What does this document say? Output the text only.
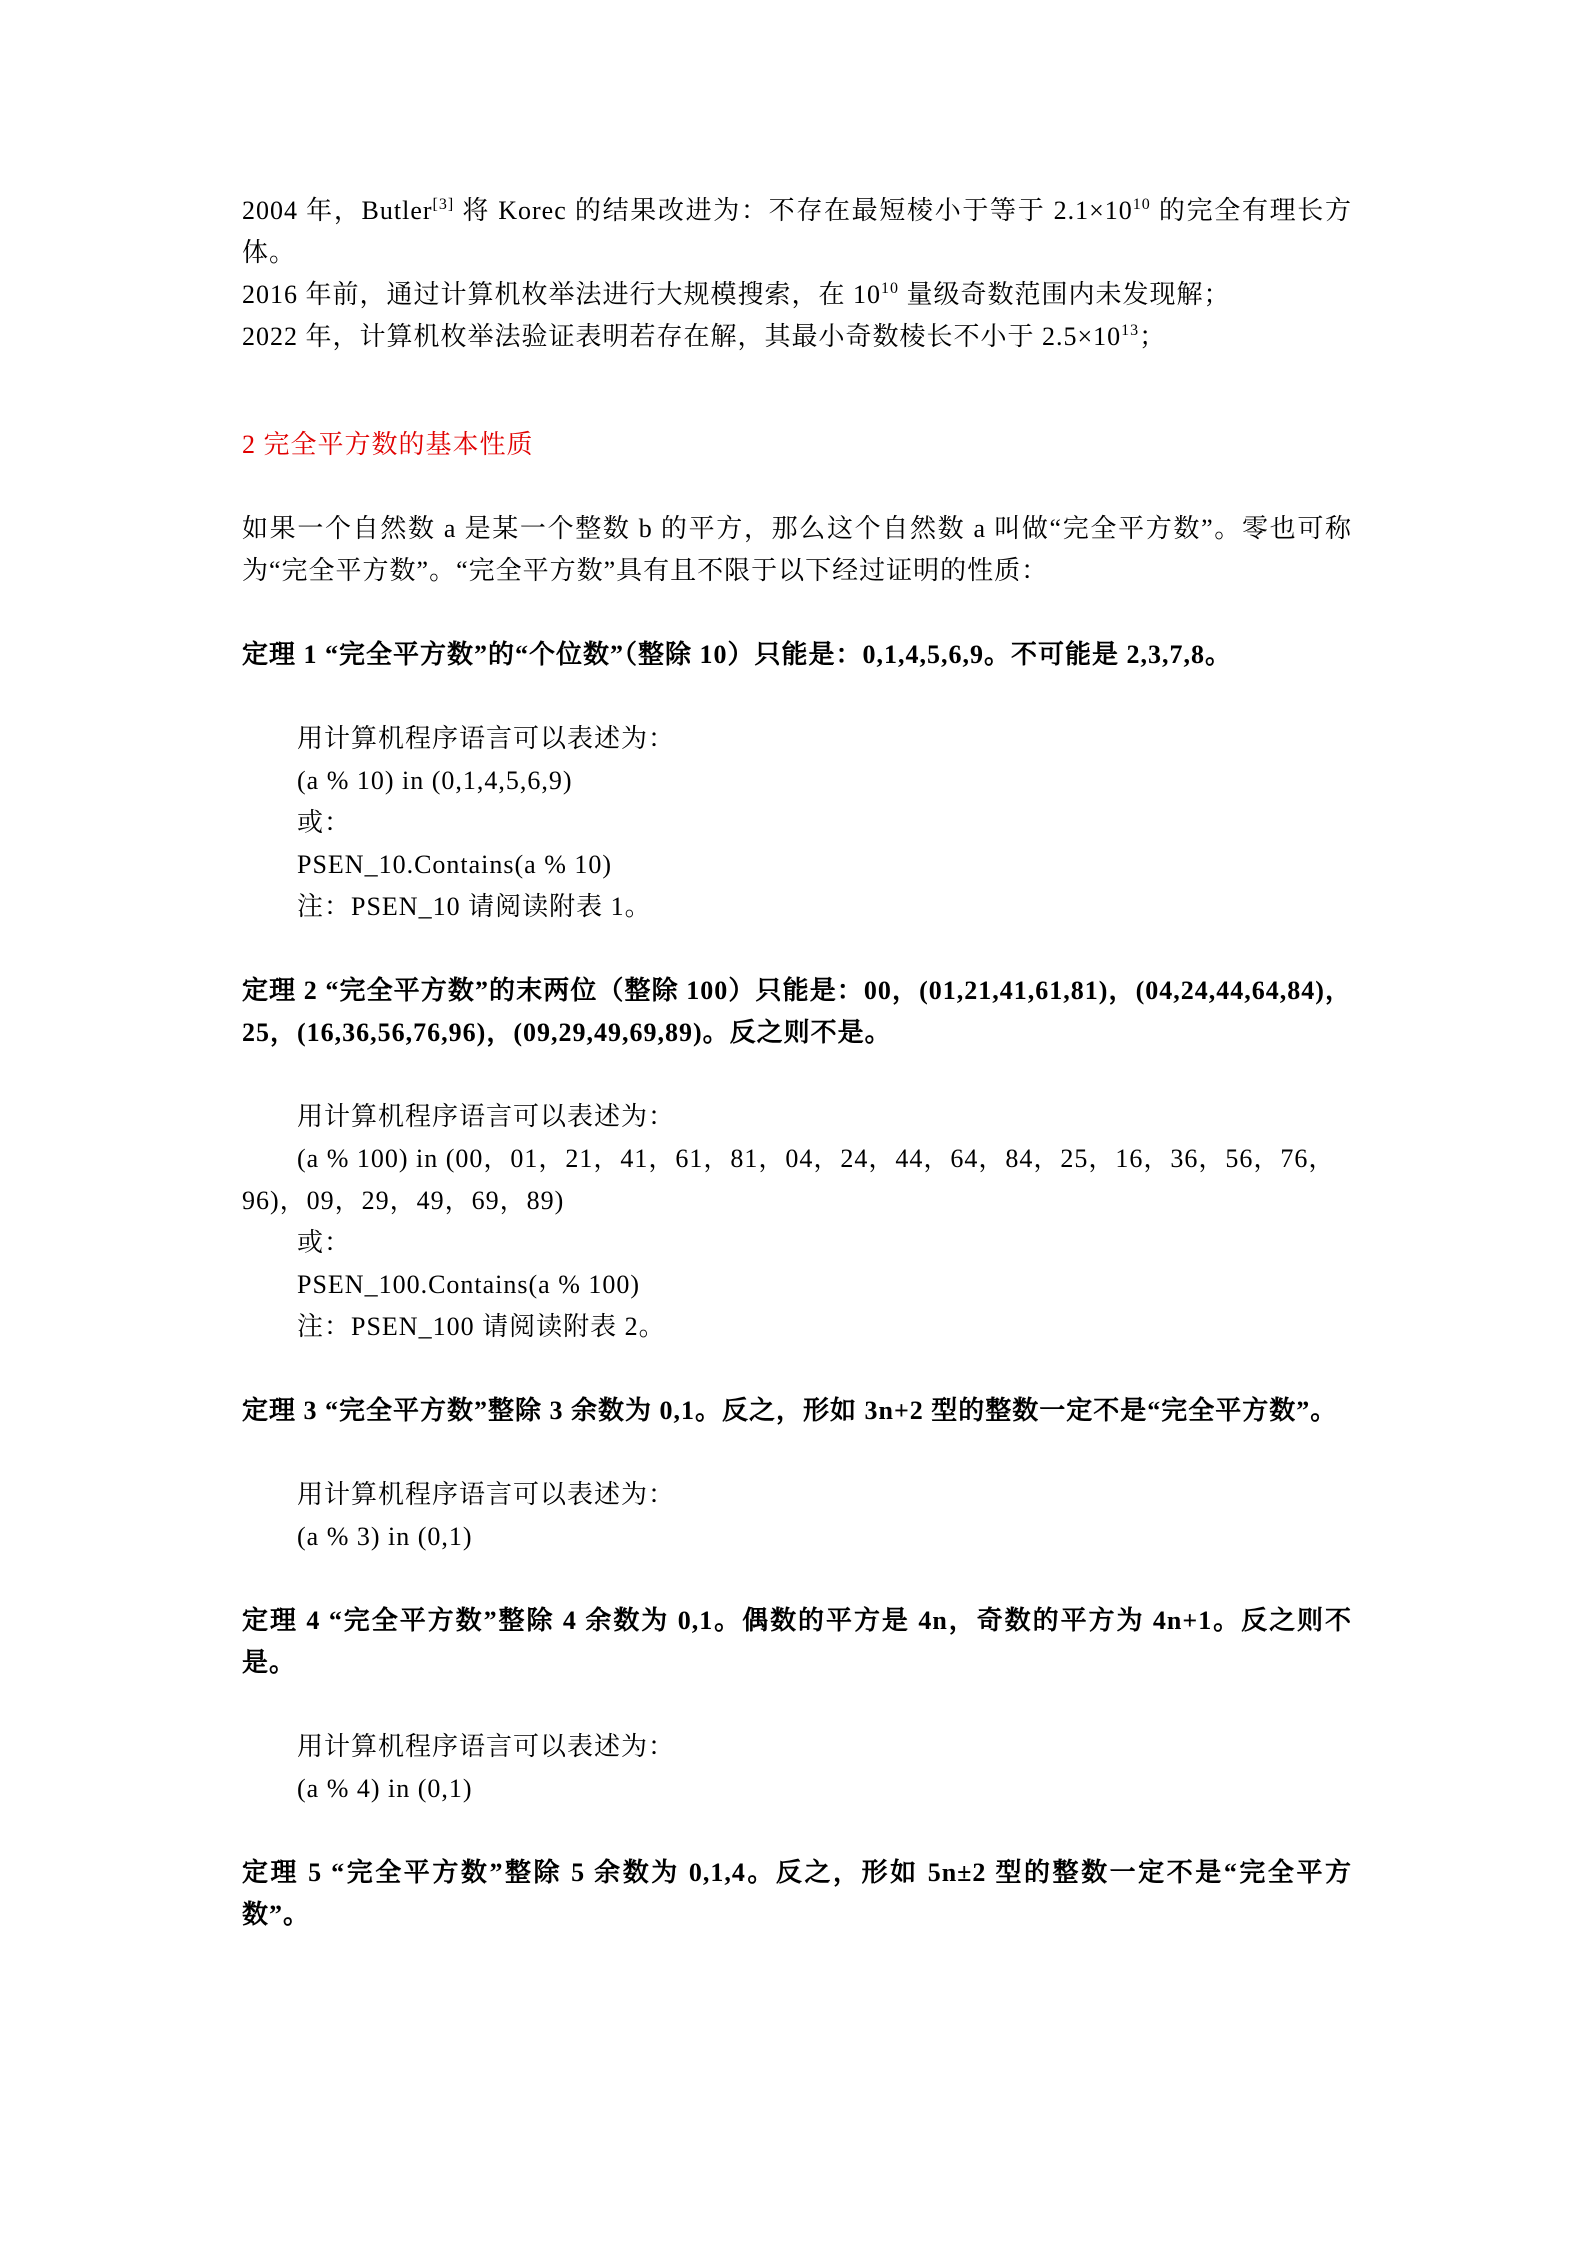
2004 年，Butler[3] 将 Korec 的结果改进为：不存在最短棱小于等于 $2.1\times 10^{10}$ 的完全有理长方体。

2016 年前，通过计算机枚举法进行大规模搜索，在 $10^{10}$ 量级奇数范围内未发现解；

2022 年，计算机枚举法验证表明若存在解，其最小奇数棱长不小于 $2.5\times 10^{13}$；

2 完全平方数的基本性质

如果一个自然数 a 是某一个整数 b 的平方，那么这个自然数 a 叫做“完全平方数”。零也可称为“完全平方数”。“完全平方数”具有且不限于以下经过证明的性质：

定理 1 “完全平方数”的“个位数”（整除 10）只能是：0,1,4,5,6,9。不可能是 2,3,7,8。

用计算机程序语言可以表述为：

(a % 10) in (0,1,4,5,6,9)

或：

PSEN_10.Contains(a % 10)

注：PSEN_10 请阅读附表 1。

定理 2 “完全平方数”的末两位（整除 100）只能是：00，(01,21,41,61,81)，(04,24,44,64,84)，25，(16,36,56,76,96)，(09,29,49,69,89)。反之则不是。

用计算机程序语言可以表述为：

(a % 100) in (00，01，21，41，61，81，04，24，44，64，84，25，16，36，56，76，

96)，09，29，49，69，89)

或：

PSEN_100.Contains(a % 100)

注：PSEN_100 请阅读附表 2。

定理 3 “完全平方数”整除 3 余数为 0,1。反之，形如 3n+2 型的整数一定不是“完全平方数”。

用计算机程序语言可以表述为：

(a % 3) in (0,1)

定理 4 “完全平方数”整除 4 余数为 0,1。偶数的平方是 4n，奇数的平方为 4n+1。反之则不是。

用计算机程序语言可以表述为：

(a % 4) in (0,1)

定理 5 “完全平方数”整除 5 余数为 0,1,4。反之，形如 5n±2 型的整数一定不是“完全平方数”。
